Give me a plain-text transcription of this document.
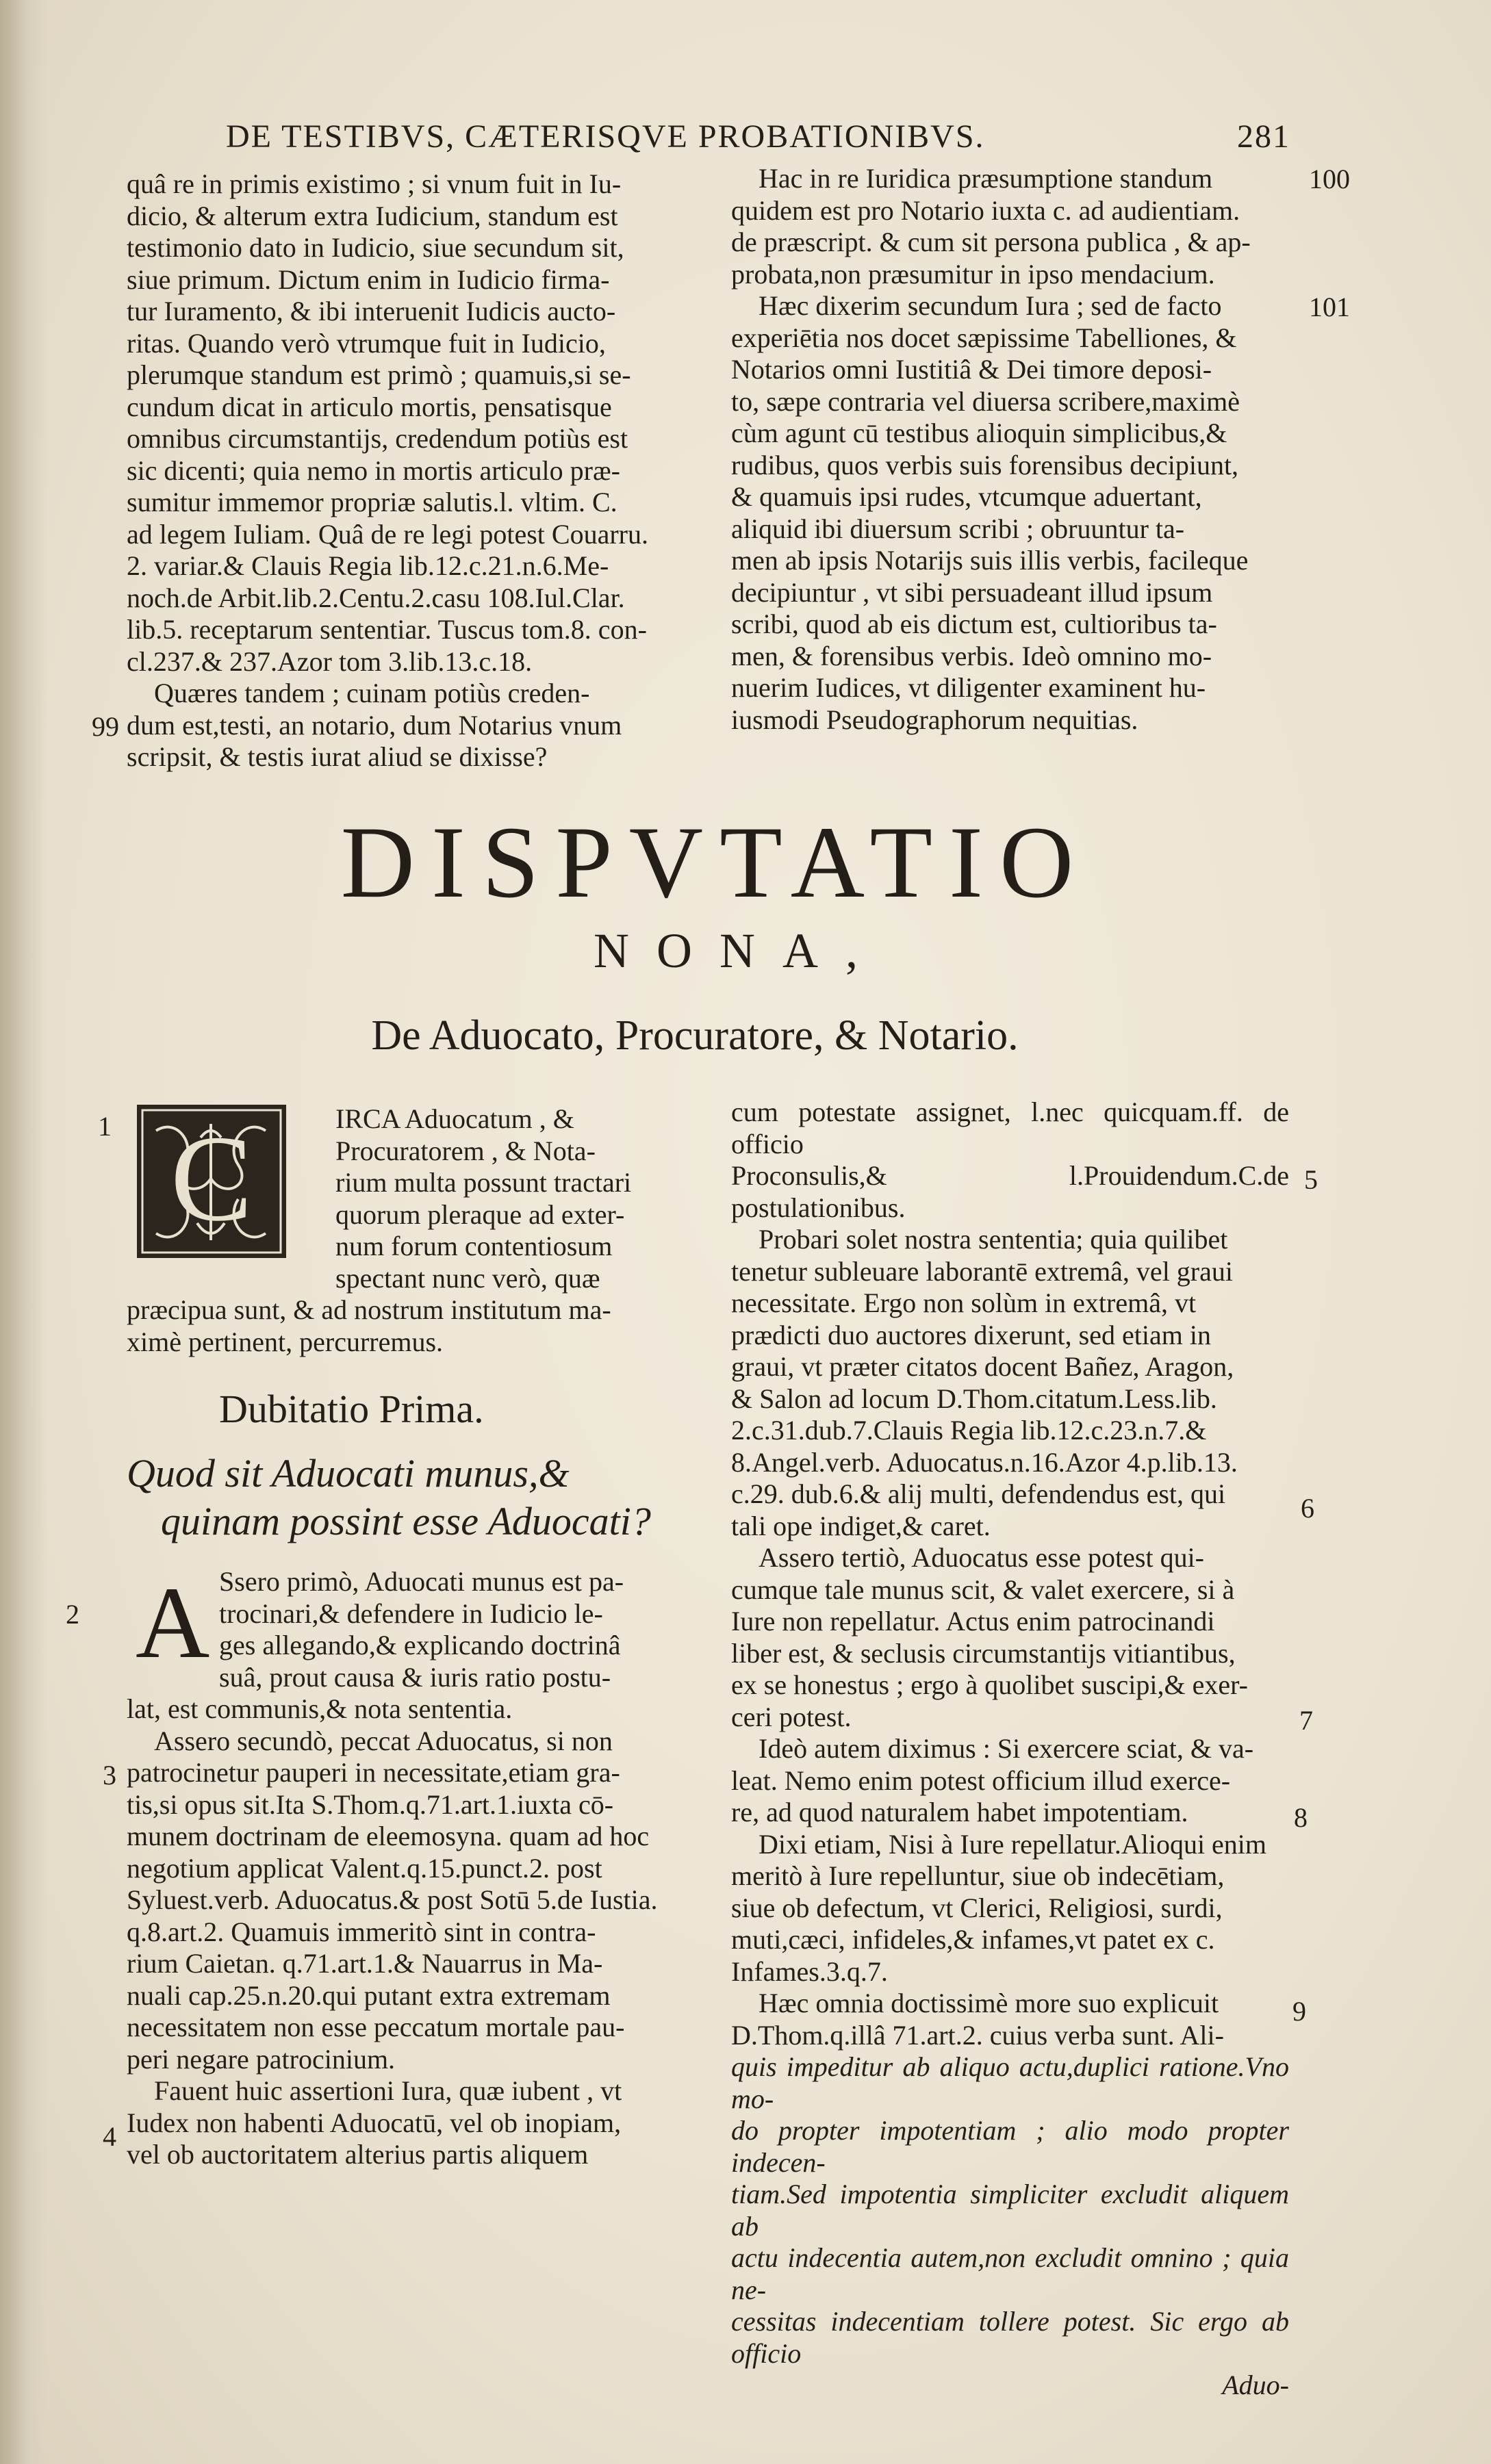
DE TESTIBVS, CÆTERISQVE PROBATIONIBVS.	281

quâ re in primis existimo ; si vnum fuit in Iu-

dicio, & alterum extra Iudicium, standum est

testimonio dato in Iudicio, siue secundum sit,

siue primum. Dictum enim in Iudicio firma-

tur Iuramento, & ibi interuenit Iudicis aucto-

ritas. Quando verò vtrumque fuit in Iudicio,

plerumque standum est primò ; quamuis,si se-

cundum dicat in articulo mortis, pensatisque

omnibus circumstantijs, credendum potiùs est

sic dicenti; quia nemo in mortis articulo præ-

sumitur immemor propriæ salutis.l. vltim. C.

ad legem Iuliam. Quâ de re legi potest Couarru.

2. variar.& Clauis Regia lib.12.c.21.n.6.Me-

noch.de Arbit.lib.2.Centu.2.casu 108.Iul.Clar.

lib.5. receptarum sententiar. Tuscus tom.8. con-

cl.237.& 237.Azor tom 3.lib.13.c.18.

Quæres tandem ; cuinam potiùs creden-

dum est,testi, an notario, dum Notarius vnum

scripsit, & testis iurat aliud se dixisse?

Hac in re Iuridica præsumptione standum

quidem est pro Notario iuxta c. ad audientiam.

de præscript. & cum sit persona publica , & ap-

probata,non præsumitur in ipso mendacium.

Hæc dixerim secundum Iura ; sed de facto

experiētia nos docet sæpissime Tabelliones, &

Notarios omni Iustitiâ & Dei timore deposi-

to, sæpe contraria vel diuersa scribere,maximè

cùm agunt cū testibus alioquin simplicibus,&

rudibus, quos verbis suis forensibus decipiunt,

& quamuis ipsi rudes, vtcumque aduertant,

aliquid ibi diuersum scribi ; obruuntur ta-

men ab ipsis Notarijs suis illis verbis, facileque

decipiuntur , vt sibi persuadeant illud ipsum

scribi, quod ab eis dictum est, cultioribus ta-

men, & forensibus verbis. Ideò omnino mo-

nuerim Iudices, vt diligenter examinent hu-

iusmodi Pseudographorum nequitias.

99
100
101
DISPVTATIO
NONA,
De Aduocato, Procuratore, & Notario.
C
1	IRCA Aduocatum , &

Procuratorem , & Nota-

rium multa possunt tractari

quorum pleraque ad exter-

num forum contentiosum

spectant nunc verò, quæ

præcipua sunt, & ad nostrum institutum ma-

ximè pertinent, percurremus.

Dubitatio Prima.

Quod sit Aduocati munus,&

quinam possint esse Aduocati?

A Ssero primò, Aduocati munus est pa-

trocinari,& defendere in Iudicio le-

ges allegando,& explicando doctrinâ

suâ, prout causa & iuris ratio postu-

lat, est communis,& nota sententia.

Assero secundò, peccat Aduocatus, si non

patrocinetur pauperi in necessitate,etiam gra-

tis,si opus sit.Ita S.Thom.q.71.art.1.iuxta cō-

munem doctrinam de eleemosyna. quam ad hoc

negotium applicat Valent.q.15.punct.2. post

Syluest.verb. Aduocatus.& post Sotū 5.de Iustia.

q.8.art.2. Quamuis immeritò sint in contra-

rium Caietan. q.71.art.1.& Nauarrus in Ma-

nuali cap.25.n.20.qui putant extra extremam

necessitatem non esse peccatum mortale pau-

peri negare patrocinium.

Fauent huic assertioni Iura, quæ iubent , vt

Iudex non habenti Aduocatū, vel ob inopiam,

vel ob auctoritatem alterius partis aliquem

2
3
4

cum potestate assignet, l.nec quicquam.ff. de officio

Proconsulis,& l.Prouidendum.C.de postulationibus.

Probari solet nostra sententia; quia quilibet

tenetur subleuare laborantē extremâ, vel graui

necessitate. Ergo non solùm in extremâ, vt

prædicti duo auctores dixerunt, sed etiam in

graui, vt præter citatos docent Bañez, Aragon,

& Salon ad locum D.Thom.citatum.Less.lib.

2.c.31.dub.7.Clauis Regia lib.12.c.23.n.7.&

8.Angel.verb. Aduocatus.n.16.Azor 4.p.lib.13.

c.29. dub.6.& alij multi, defendendus est, qui

tali ope indiget,& caret.

Assero tertiò, Aduocatus esse potest qui-

cumque tale munus scit, & valet exercere, si à

Iure non repellatur. Actus enim patrocinandi

liber est, & seclusis circumstantijs vitiantibus,

ex se honestus ; ergo à quolibet suscipi,& exer-

ceri potest.

Ideò autem diximus : Si exercere sciat, & va-

leat. Nemo enim potest officium illud exerce-

re, ad quod naturalem habet impotentiam.

Dixi etiam, Nisi à Iure repellatur.Alioqui enim

meritò à Iure repelluntur, siue ob indecētiam,

siue ob defectum, vt Clerici, Religiosi, surdi,

muti,cæci, infideles,& infames,vt patet ex c.

Infames.3.q.7.

Hæc omnia doctissimè more suo explicuit

D.Thom.q.illâ 71.art.2. cuius verba sunt. Ali-

quis impeditur ab aliquo actu,duplici ratione.Vno mo-

do propter impotentiam ; alio modo propter indecen-

tiam.Sed impotentia simpliciter excludit aliquem ab

actu indecentia autem,non excludit omnino ; quia ne-

cessitas indecentiam tollere potest. Sic ergo ab officio

Aduo-

5
6
7
8
9
